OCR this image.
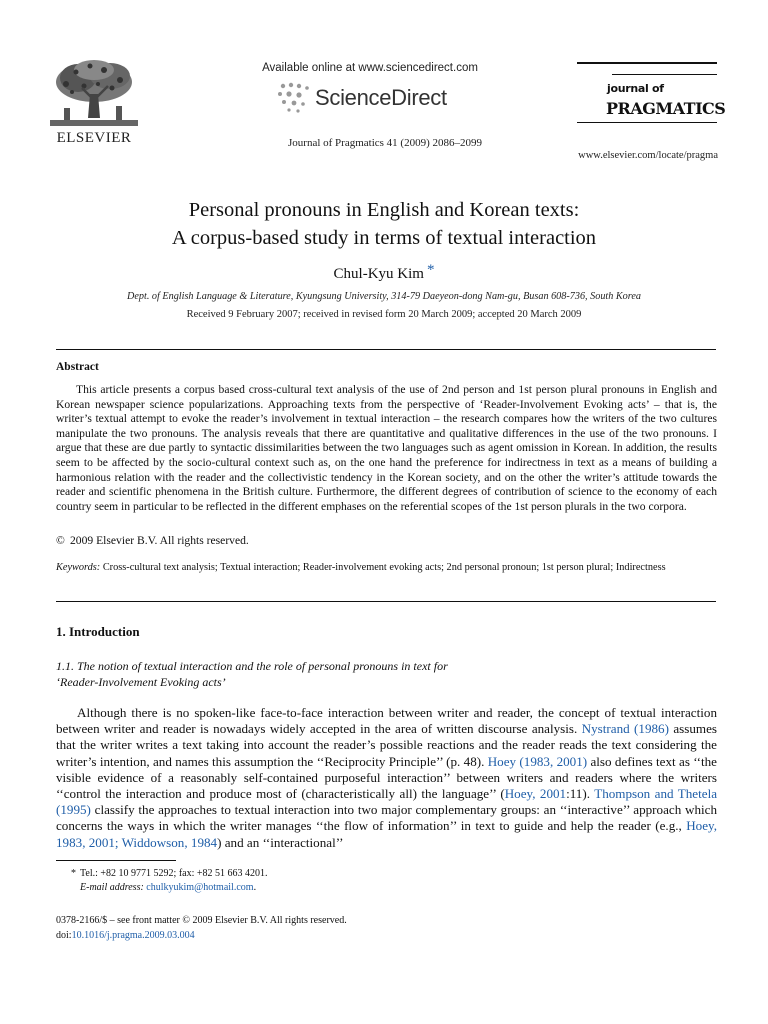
ELSEVIER
Available online at www.sciencedirect.com
ScienceDirect
Journal of Pragmatics 41 (2009) 2086–2099
journal of
PRAGMATICS
www.elsevier.com/locate/pragma
Personal pronouns in English and Korean texts:
A corpus-based study in terms of textual interaction
Chul-Kyu Kim *
Dept. of English Language & Literature, Kyungsung University, 314-79 Daeyeon-dong Nam-gu, Busan 608-736, South Korea
Received 9 February 2007; received in revised form 20 March 2009; accepted 20 March 2009
Abstract
This article presents a corpus based cross-cultural text analysis of the use of 2nd person and 1st person plural pronouns in English and Korean newspaper science popularizations. Approaching texts from the perspective of ‘Reader-Involvement Evoking acts’ – that is, the writer’s textual attempt to evoke the reader’s involvement in textual interaction – the research compares how the writers of the two cultures manipulate the two pronouns. The analysis reveals that there are quantitative and qualitative differences in the use of the two pronouns. I argue that these are due partly to syntactic dissimilarities between the two languages such as agent omission in Korean. In addition, the results seem to be affected by the socio-cultural context such as, on the one hand the preference for indirectness in text as a means of building a harmonious relation with the reader and the collectivistic tendency in the Korean society, and on the other the writer’s attitude towards the reader and scientific phenomena in the British culture. Furthermore, the different degrees of contribution of science to the economy of each country seem in particular to be reflected in the different emphases on the referential scopes of the 1st person plurals in the two corpora.
© 2009 Elsevier B.V. All rights reserved.
Keywords: Cross-cultural text analysis; Textual interaction; Reader-involvement evoking acts; 2nd personal pronoun; 1st person plural; Indirectness
1. Introduction
1.1. The notion of textual interaction and the role of personal pronouns in text for
‘Reader-Involvement Evoking acts’
Although there is no spoken-like face-to-face interaction between writer and reader, the concept of textual interaction between writer and reader is nowadays widely accepted in the area of written discourse analysis. Nystrand (1986) assumes that the writer writes a text taking into account the reader’s possible reactions and the reader reads the text considering the writer’s intention, and names this assumption the ‘‘Reciprocity Principle’’ (p. 48). Hoey (1983, 2001) also defines text as ‘‘the visible evidence of a reasonably self-contained purposeful interaction’’ between writers and readers where the writers ‘‘control the interaction and produce most of (characteristically all) the language’’ (Hoey, 2001:11). Thompson and Thetela (1995) classify the approaches to textual interaction into two major complementary groups: an ‘‘interactive’’ approach which concerns the ways in which the writer manages ‘‘the flow of information’’ in text to guide and help the reader (e.g., Hoey, 1983, 2001; Widdowson, 1984) and an ‘‘interactional’’
* Tel.: +82 10 9771 5292; fax: +82 51 663 4201.
E-mail address: chulkyukim@hotmail.com.
0378-2166/$ – see front matter © 2009 Elsevier B.V. All rights reserved.
doi:10.1016/j.pragma.2009.03.004
